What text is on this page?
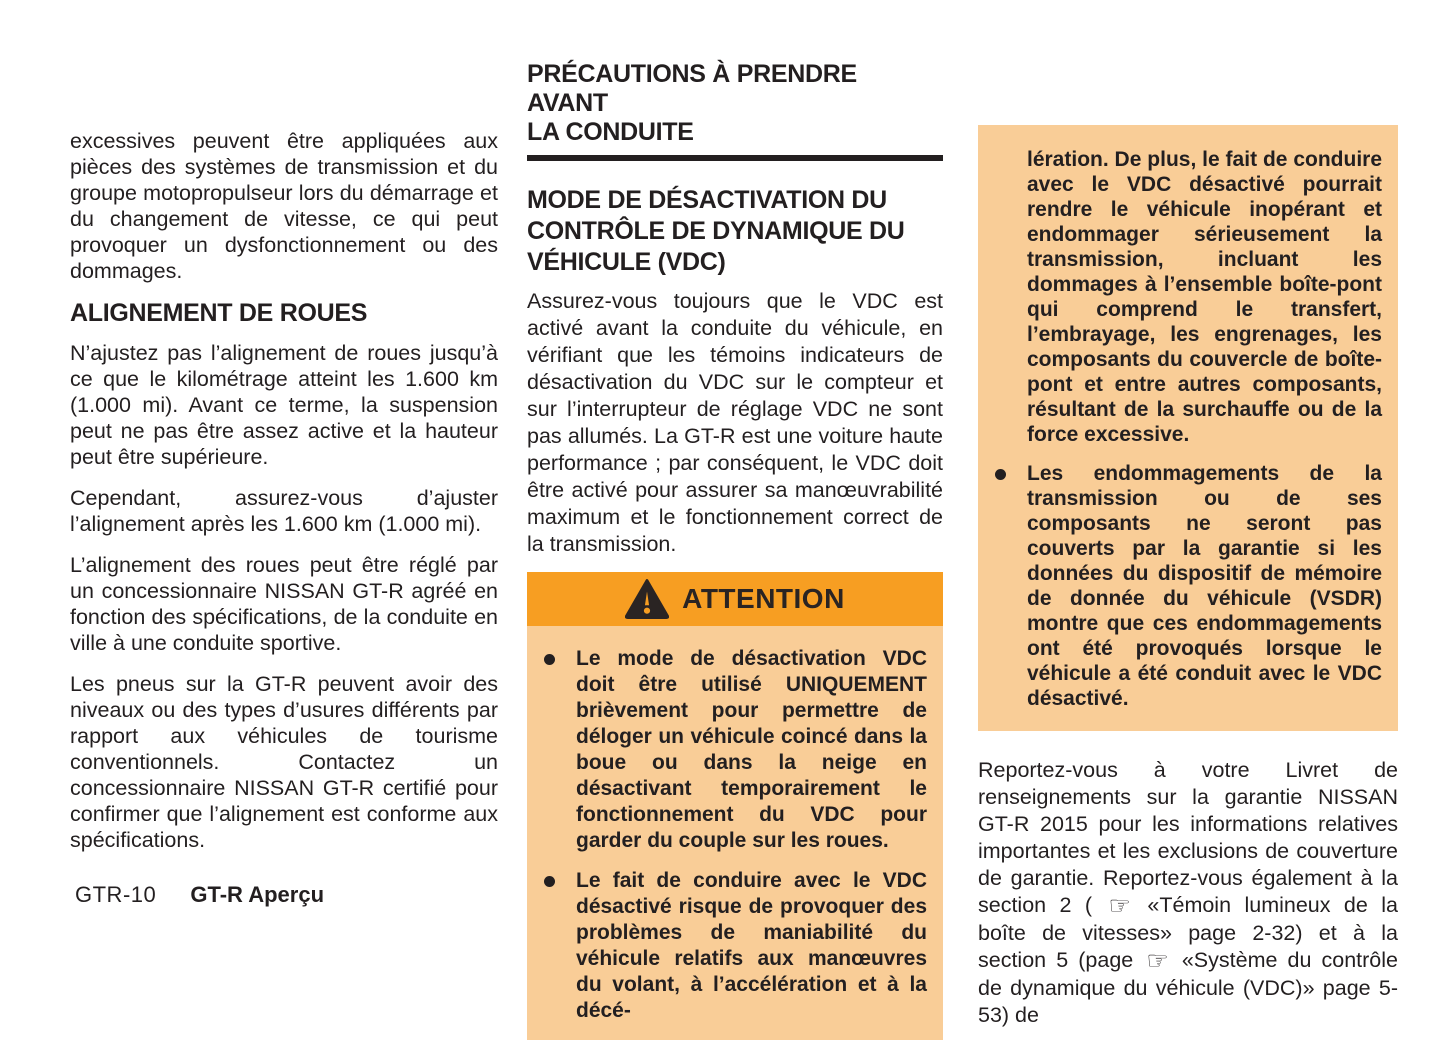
excessives peuvent être appliquées aux pièces des systèmes de transmission et du groupe motopropulseur lors du démarrage et du changement de vitesse, ce qui peut provoquer un dysfonctionnement ou des dommages.

ALIGNEMENT DE ROUES

N’ajustez pas l’alignement de roues jusqu’à ce que le kilométrage atteint les 1.600 km (1.000 mi). Avant ce terme, la suspension peut ne pas être assez active et la hauteur peut être supérieure.

Cependant, assurez-vous d’ajuster l’alignement après les 1.600 km (1.000 mi).

L’alignement des roues peut être réglé par un concessionnaire NISSAN GT-R agréé en fonction des spécifications, de la conduite en ville à une conduite sportive.

Les pneus sur la GT-R peuvent avoir des niveaux ou des types d’usures différents par rapport aux véhicules de tourisme conventionnels. Contactez un concessionnaire NISSAN GT-R certifié pour confirmer que l’alignement est conforme aux spécifications.

PRÉCAUTIONS À PRENDRE AVANT
LA CONDUITE
MODE DE DÉSACTIVATION DU CONTRÔLE DE DYNAMIQUE DU VÉHICULE (VDC)

Assurez-vous toujours que le VDC est activé avant la conduite du véhicule, en vérifiant que les témoins indicateurs de désactivation du VDC sur le compteur et sur l’interrupteur de réglage VDC ne sont pas allumés. La GT-R est une voiture haute performance ; par conséquent, le VDC doit être activé pour assurer sa manœuvrabilité maximum et le fonctionnement correct de la transmission.

ATTENTION
Le mode de désactivation VDC doit être utilisé UNIQUEMENT brièvement pour permettre de déloger un véhicule coincé dans la boue ou dans la neige en désactivant temporairement le fonctionnement du VDC pour garder du couple sur les roues.
Le fait de conduire avec le VDC désactivé risque de provoquer des problèmes de maniabilité du véhicule relatifs aux manœuvres du volant, à l’accélération et à la décé-

lération. De plus, le fait de conduire avec le VDC désactivé pourrait rendre le véhicule inopérant et endommager sérieusement la transmission, incluant les dommages à l’ensemble boîte-pont qui comprend le transfert, l’embrayage, les engrenages, les composants du couvercle de boîte-pont et entre autres composants, résultant de la surchauffe ou de la force excessive.

Les endommagements de la transmission ou de ses composants ne seront pas couverts par la garantie si les données du dispositif de mémoire de donnée du véhicule (VSDR) montre que ces endommagements ont été provoqués lorsque le véhicule a été conduit avec le VDC désactivé.

Reportez-vous à votre Livret de renseignements sur la garantie NISSAN GT-R 2015 pour les informations relatives importantes et les exclusions de couverture de garantie. Reportez-vous également à la section 2 ( ☞ «Témoin lumineux de la boîte de vitesses» page 2-32) et à la section 5 (page ☞ «Système du contrôle de dynamique du véhicule (VDC)» page 5-53) de

GTR-10 GT-R Aperçu
